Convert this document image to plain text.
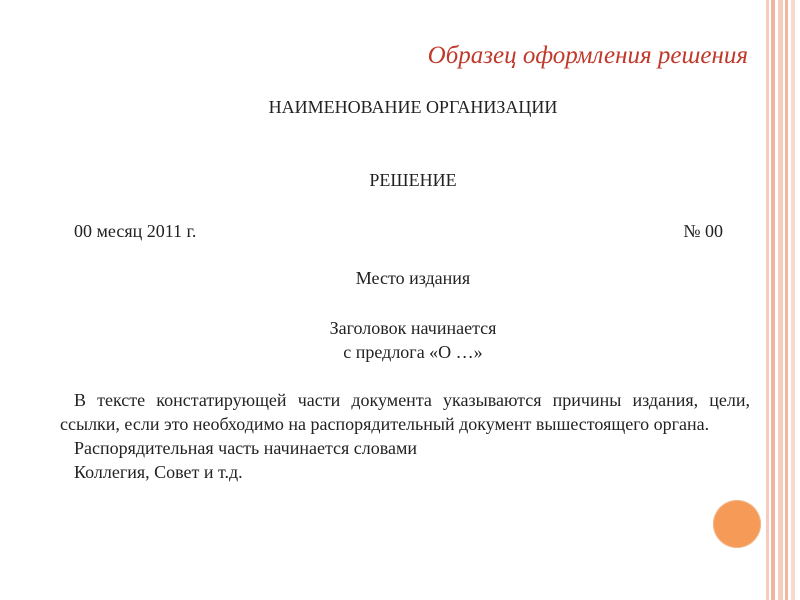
Образец оформления решения
НАИМЕНОВАНИЕ ОРГАНИЗАЦИИ
РЕШЕНИЕ
00 месяц 2011 г.	№ 00
Место издания
Заголовок начинается
с предлога «О …»

В тексте констатирующей части документа указываются причины издания, цели, ссылки, если это необходимо на распорядительный документ вышестоящего органа.

Распорядительная часть начинается словами

Коллегия, Совет и т.д.
